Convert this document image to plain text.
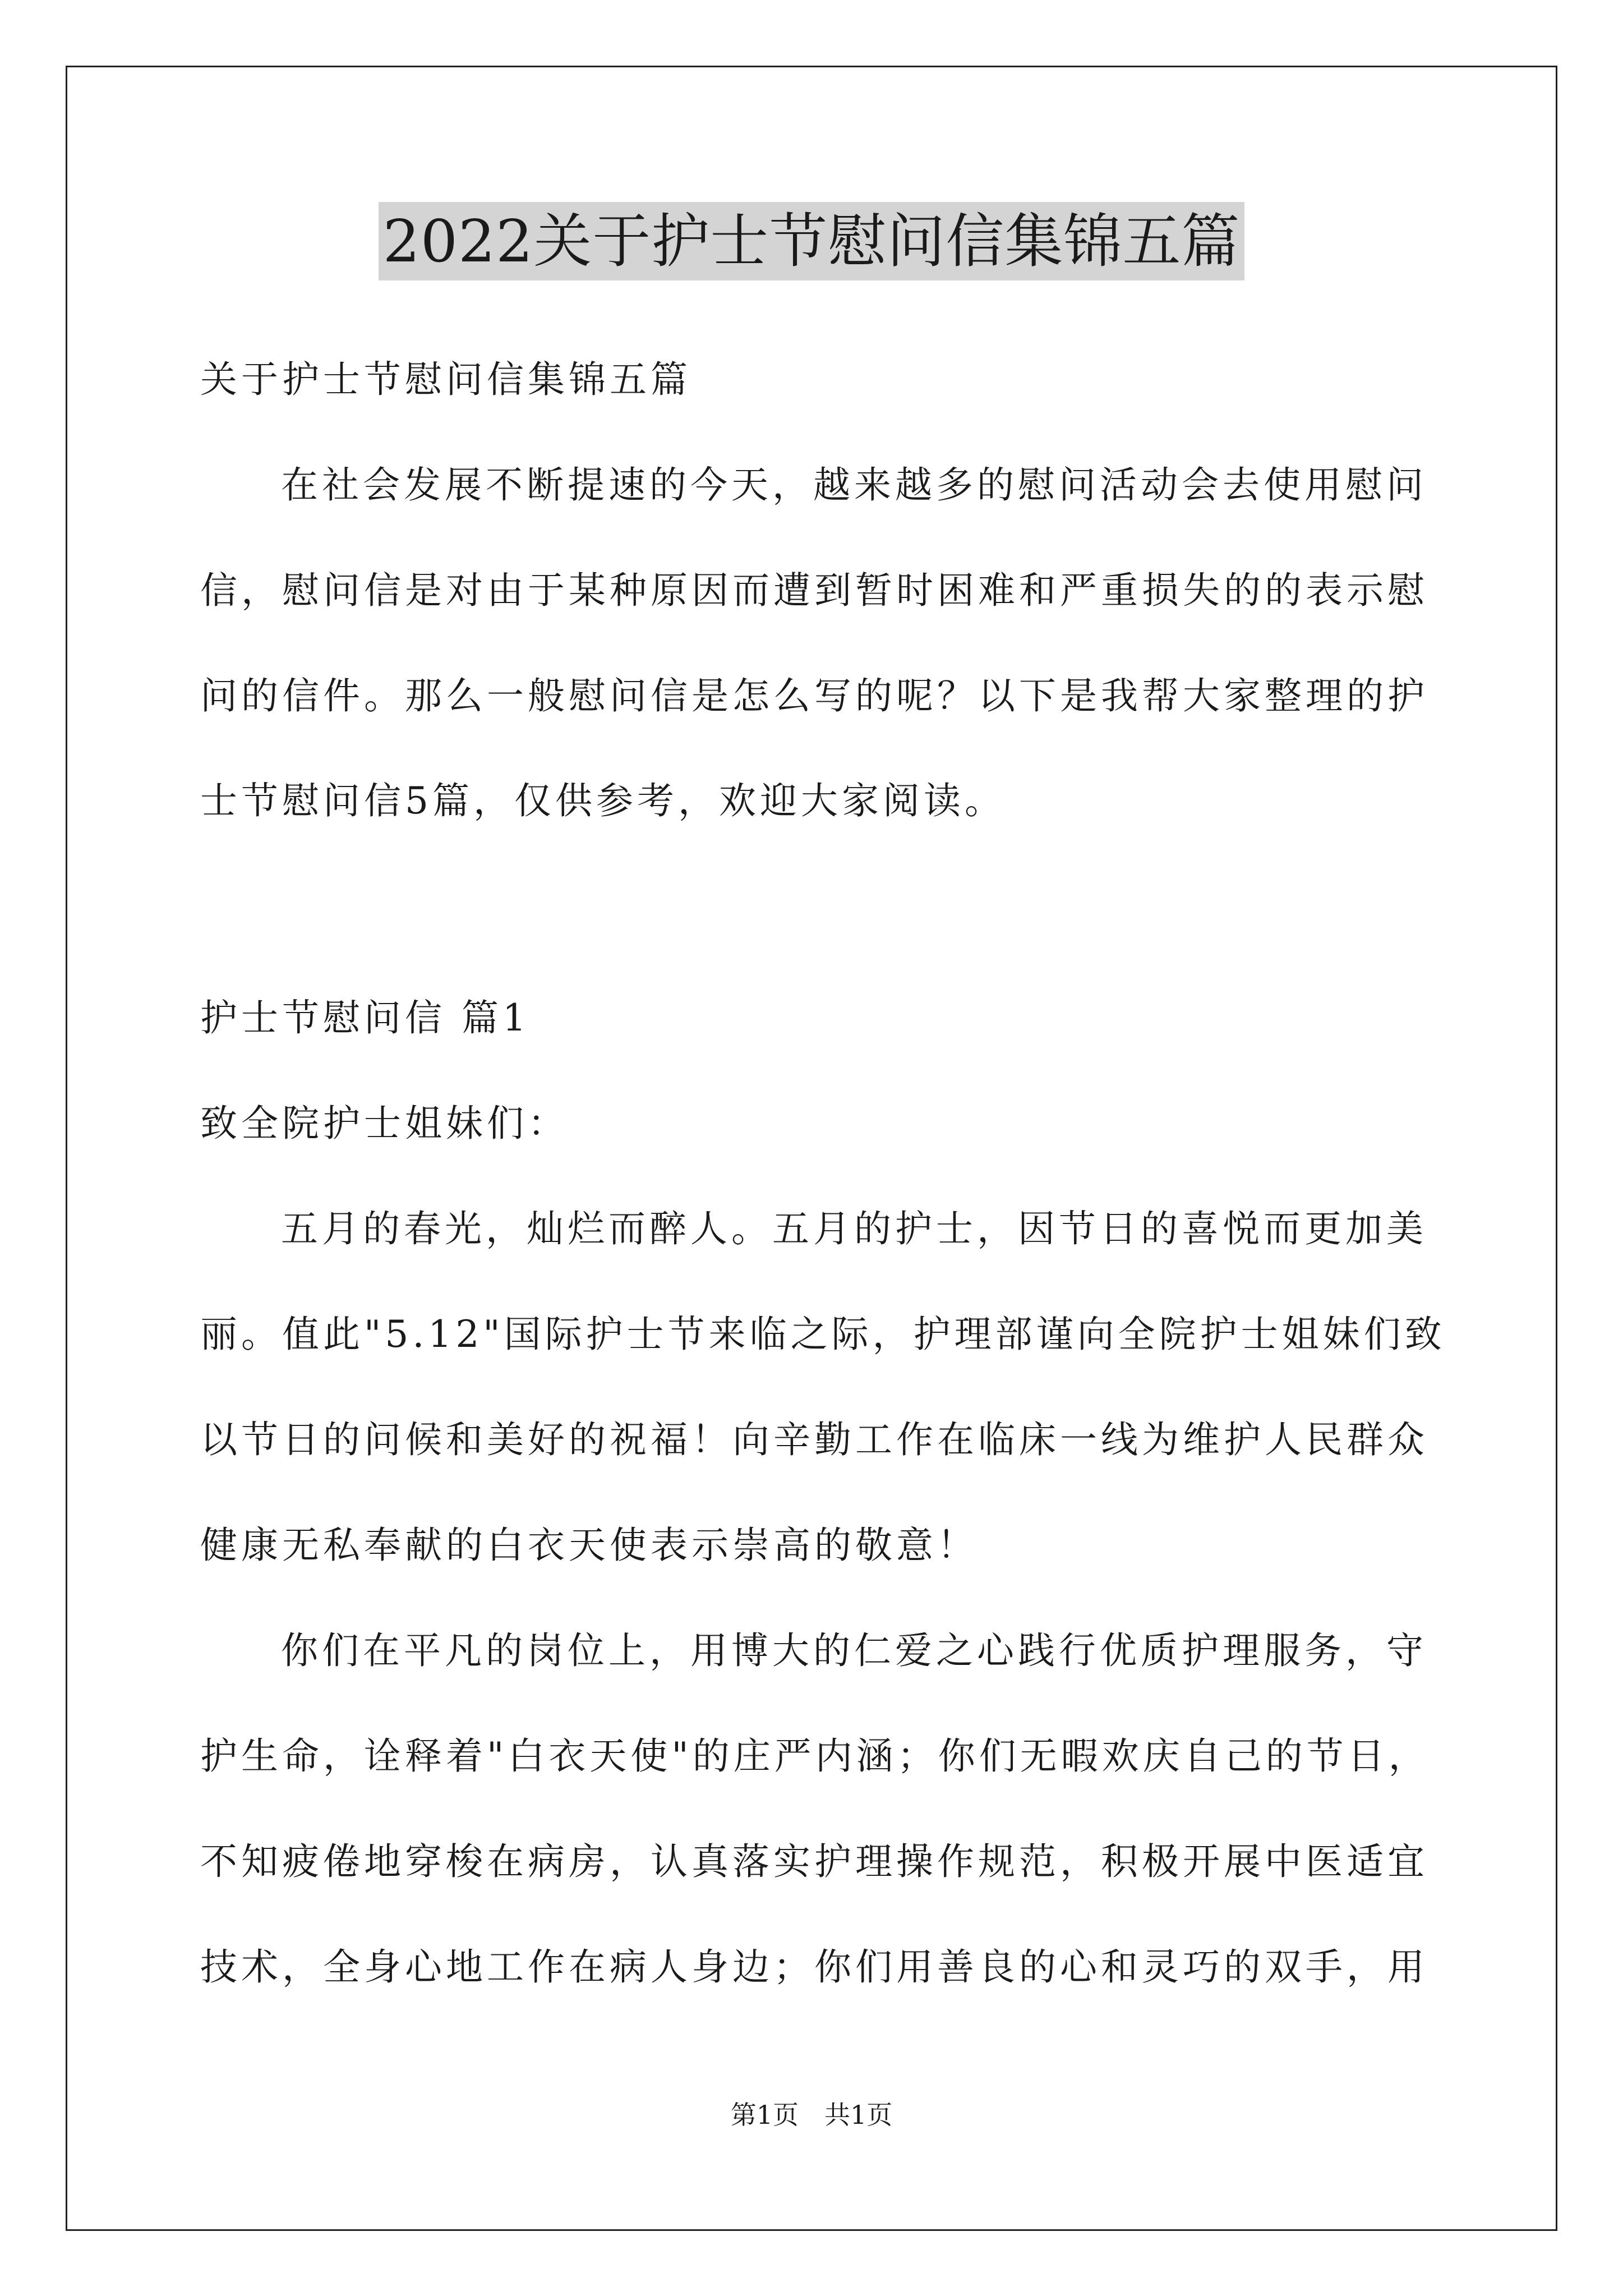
2022关于护士节慰问信集锦五篇
关于护士节慰问信集锦五篇
在社会发展不断提速的今天，越来越多的慰问活动会去使用慰问
信，慰问信是对由于某种原因而遭到暂时困难和严重损失的的表示慰
问的信件。那么一般慰问信是怎么写的呢？以下是我帮大家整理的护
士节慰问信5篇，仅供参考，欢迎大家阅读。
护士节慰问信 篇1
致全院护士姐妹们：
五月的春光，灿烂而醉人。五月的护士，因节日的喜悦而更加美
丽。值此"5.12"国际护士节来临之际，护理部谨向全院护士姐妹们致
以节日的问候和美好的祝福！向辛勤工作在临床一线为维护人民群众
健康无私奉献的白衣天使表示崇高的敬意！
你们在平凡的岗位上，用博大的仁爱之心践行优质护理服务，守
护生命，诠释着"白衣天使"的庄严内涵；你们无暇欢庆自己的节日，
不知疲倦地穿梭在病房，认真落实护理操作规范，积极开展中医适宜
技术，全身心地工作在病人身边；你们用善良的心和灵巧的双手，用
第1页　共1页
